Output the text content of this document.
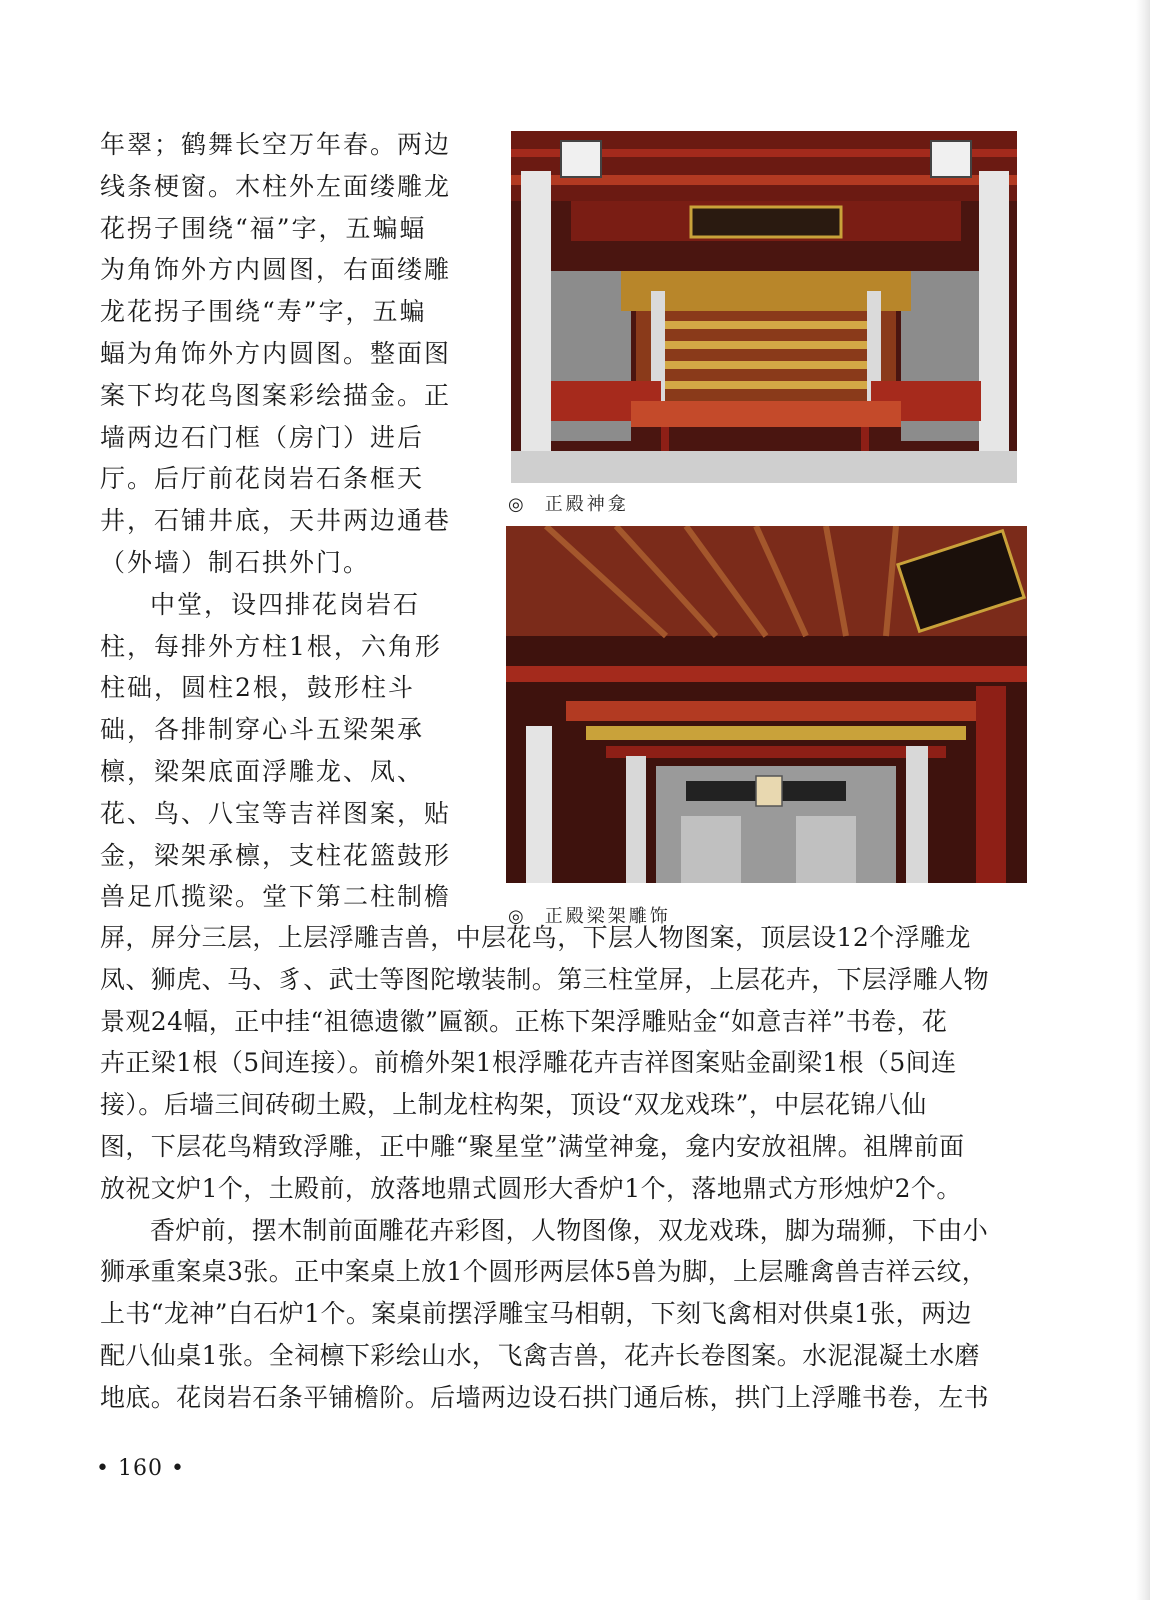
年翠；鹤舞长空万年春。两边
线条梗窗。木柱外左面缕雕龙
花拐子围绕“福”字，五蝙蝠
为角饰外方内圆图，右面缕雕
龙花拐子围绕“寿”字，五蝙
蝠为角饰外方内圆图。整面图
案下均花鸟图案彩绘描金。正
墙两边石门框（房门）进后
厅。后厅前花岗岩石条框天
井，石铺井底，天井两边通巷
（外墙）制石拱外门。
中堂，设四排花岗岩石
柱，每排外方柱1根，六角形
柱础，圆柱2根，鼓形柱斗
础，各排制穿心斗五梁架承
檩，梁架底面浮雕龙、凤、
花、鸟、八宝等吉祥图案，贴
金，梁架承檩，支柱花篮鼓形
兽足爪揽梁。堂下第二柱制檐
◎ 正殿神龛
◎ 正殿梁架雕饰
屏，屏分三层，上层浮雕吉兽，中层花鸟，下层人物图案，顶层设12个浮雕龙
凤、狮虎、马、豸、武士等图陀墩装制。第三柱堂屏，上层花卉，下层浮雕人物
景观24幅，正中挂“祖德遗徽”匾额。正栋下架浮雕贴金“如意吉祥”书卷，花
卉正梁1根（5间连接）。前檐外架1根浮雕花卉吉祥图案贴金副梁1根（5间连
接）。后墙三间砖砌土殿，上制龙柱构架，顶设“双龙戏珠”，中层花锦八仙
图，下层花鸟精致浮雕，正中雕“聚星堂”满堂神龛，龛内安放祖牌。祖牌前面
放祝文炉1个，土殿前，放落地鼎式圆形大香炉1个，落地鼎式方形烛炉2个。
香炉前，摆木制前面雕花卉彩图，人物图像，双龙戏珠，脚为瑞狮，下由小
狮承重案桌3张。正中案桌上放1个圆形两层体5兽为脚，上层雕禽兽吉祥云纹，
上书“龙神”白石炉1个。案桌前摆浮雕宝马相朝，下刻飞禽相对供桌1张，两边
配八仙桌1张。全祠檩下彩绘山水，飞禽吉兽，花卉长卷图案。水泥混凝土水磨
地底。花岗岩石条平铺檐阶。后墙两边设石拱门通后栋，拱门上浮雕书卷，左书
• 160 •
